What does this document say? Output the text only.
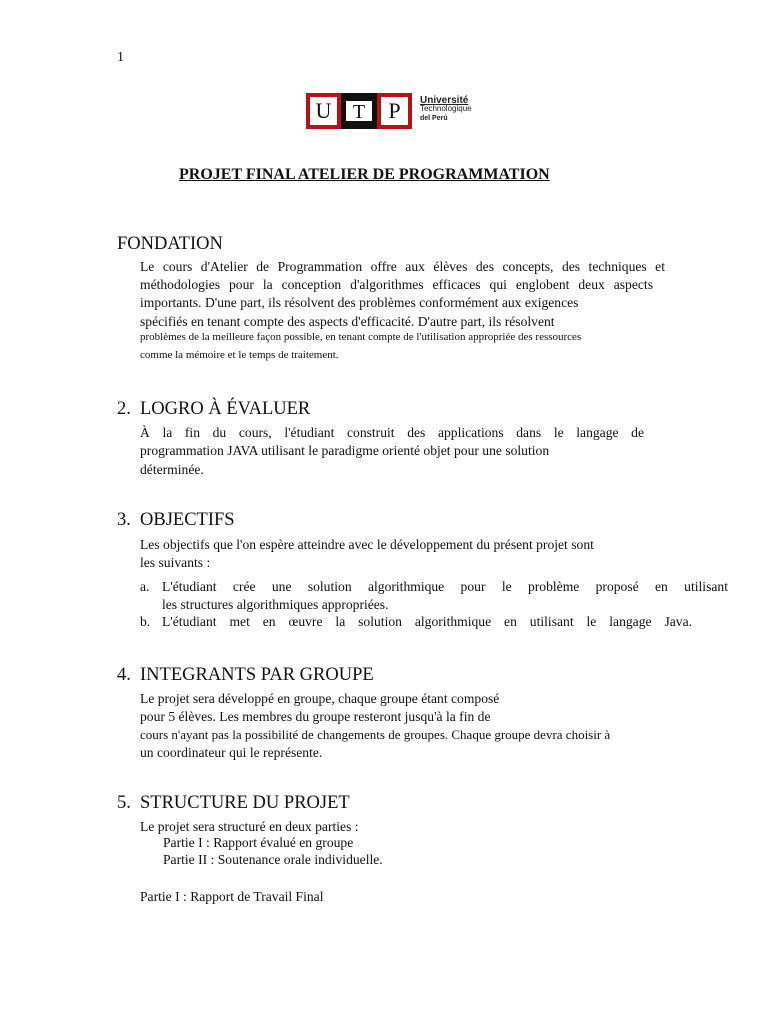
1
U	T	P	Université
Technologique
del Perú
PROJET FINAL ATELIER DE PROGRAMMATION
FONDATION
Le cours d'Atelier de Programmation offre aux élèves des concepts, des techniques et
méthodologies pour la conception d'algorithmes efficaces qui englobent deux aspects
importants. D'une part, ils résolvent des problèmes conformément aux exigences
spécifiés en tenant compte des aspects d'efficacité. D'autre part, ils résolvent
problèmes de la meilleure façon possible, en tenant compte de l'utilisation appropriée des ressources
comme la mémoire et le temps de traitement.
2. LOGRO À ÉVALUER
À la fin du cours, l'étudiant construit des applications dans le langage de
programmation JAVA utilisant le paradigme orienté objet pour une solution
déterminée.
3. OBJECTIFS
Les objectifs que l'on espère atteindre avec le développement du présent projet sont
les suivants :
a. L'étudiant crée une solution algorithmique pour le problème proposé en utilisant
les structures algorithmiques appropriées.
b. L'étudiant met en œuvre la solution algorithmique en utilisant le langage Java.
4. INTEGRANTS PAR GROUPE
Le projet sera développé en groupe, chaque groupe étant composé
pour 5 élèves. Les membres du groupe resteront jusqu'à la fin de
cours n'ayant pas la possibilité de changements de groupes. Chaque groupe devra choisir à
un coordinateur qui le représente.
5. STRUCTURE DU PROJET
Le projet sera structuré en deux parties :
Partie I : Rapport évalué en groupe
Partie II : Soutenance orale individuelle.
Partie I : Rapport de Travail Final
